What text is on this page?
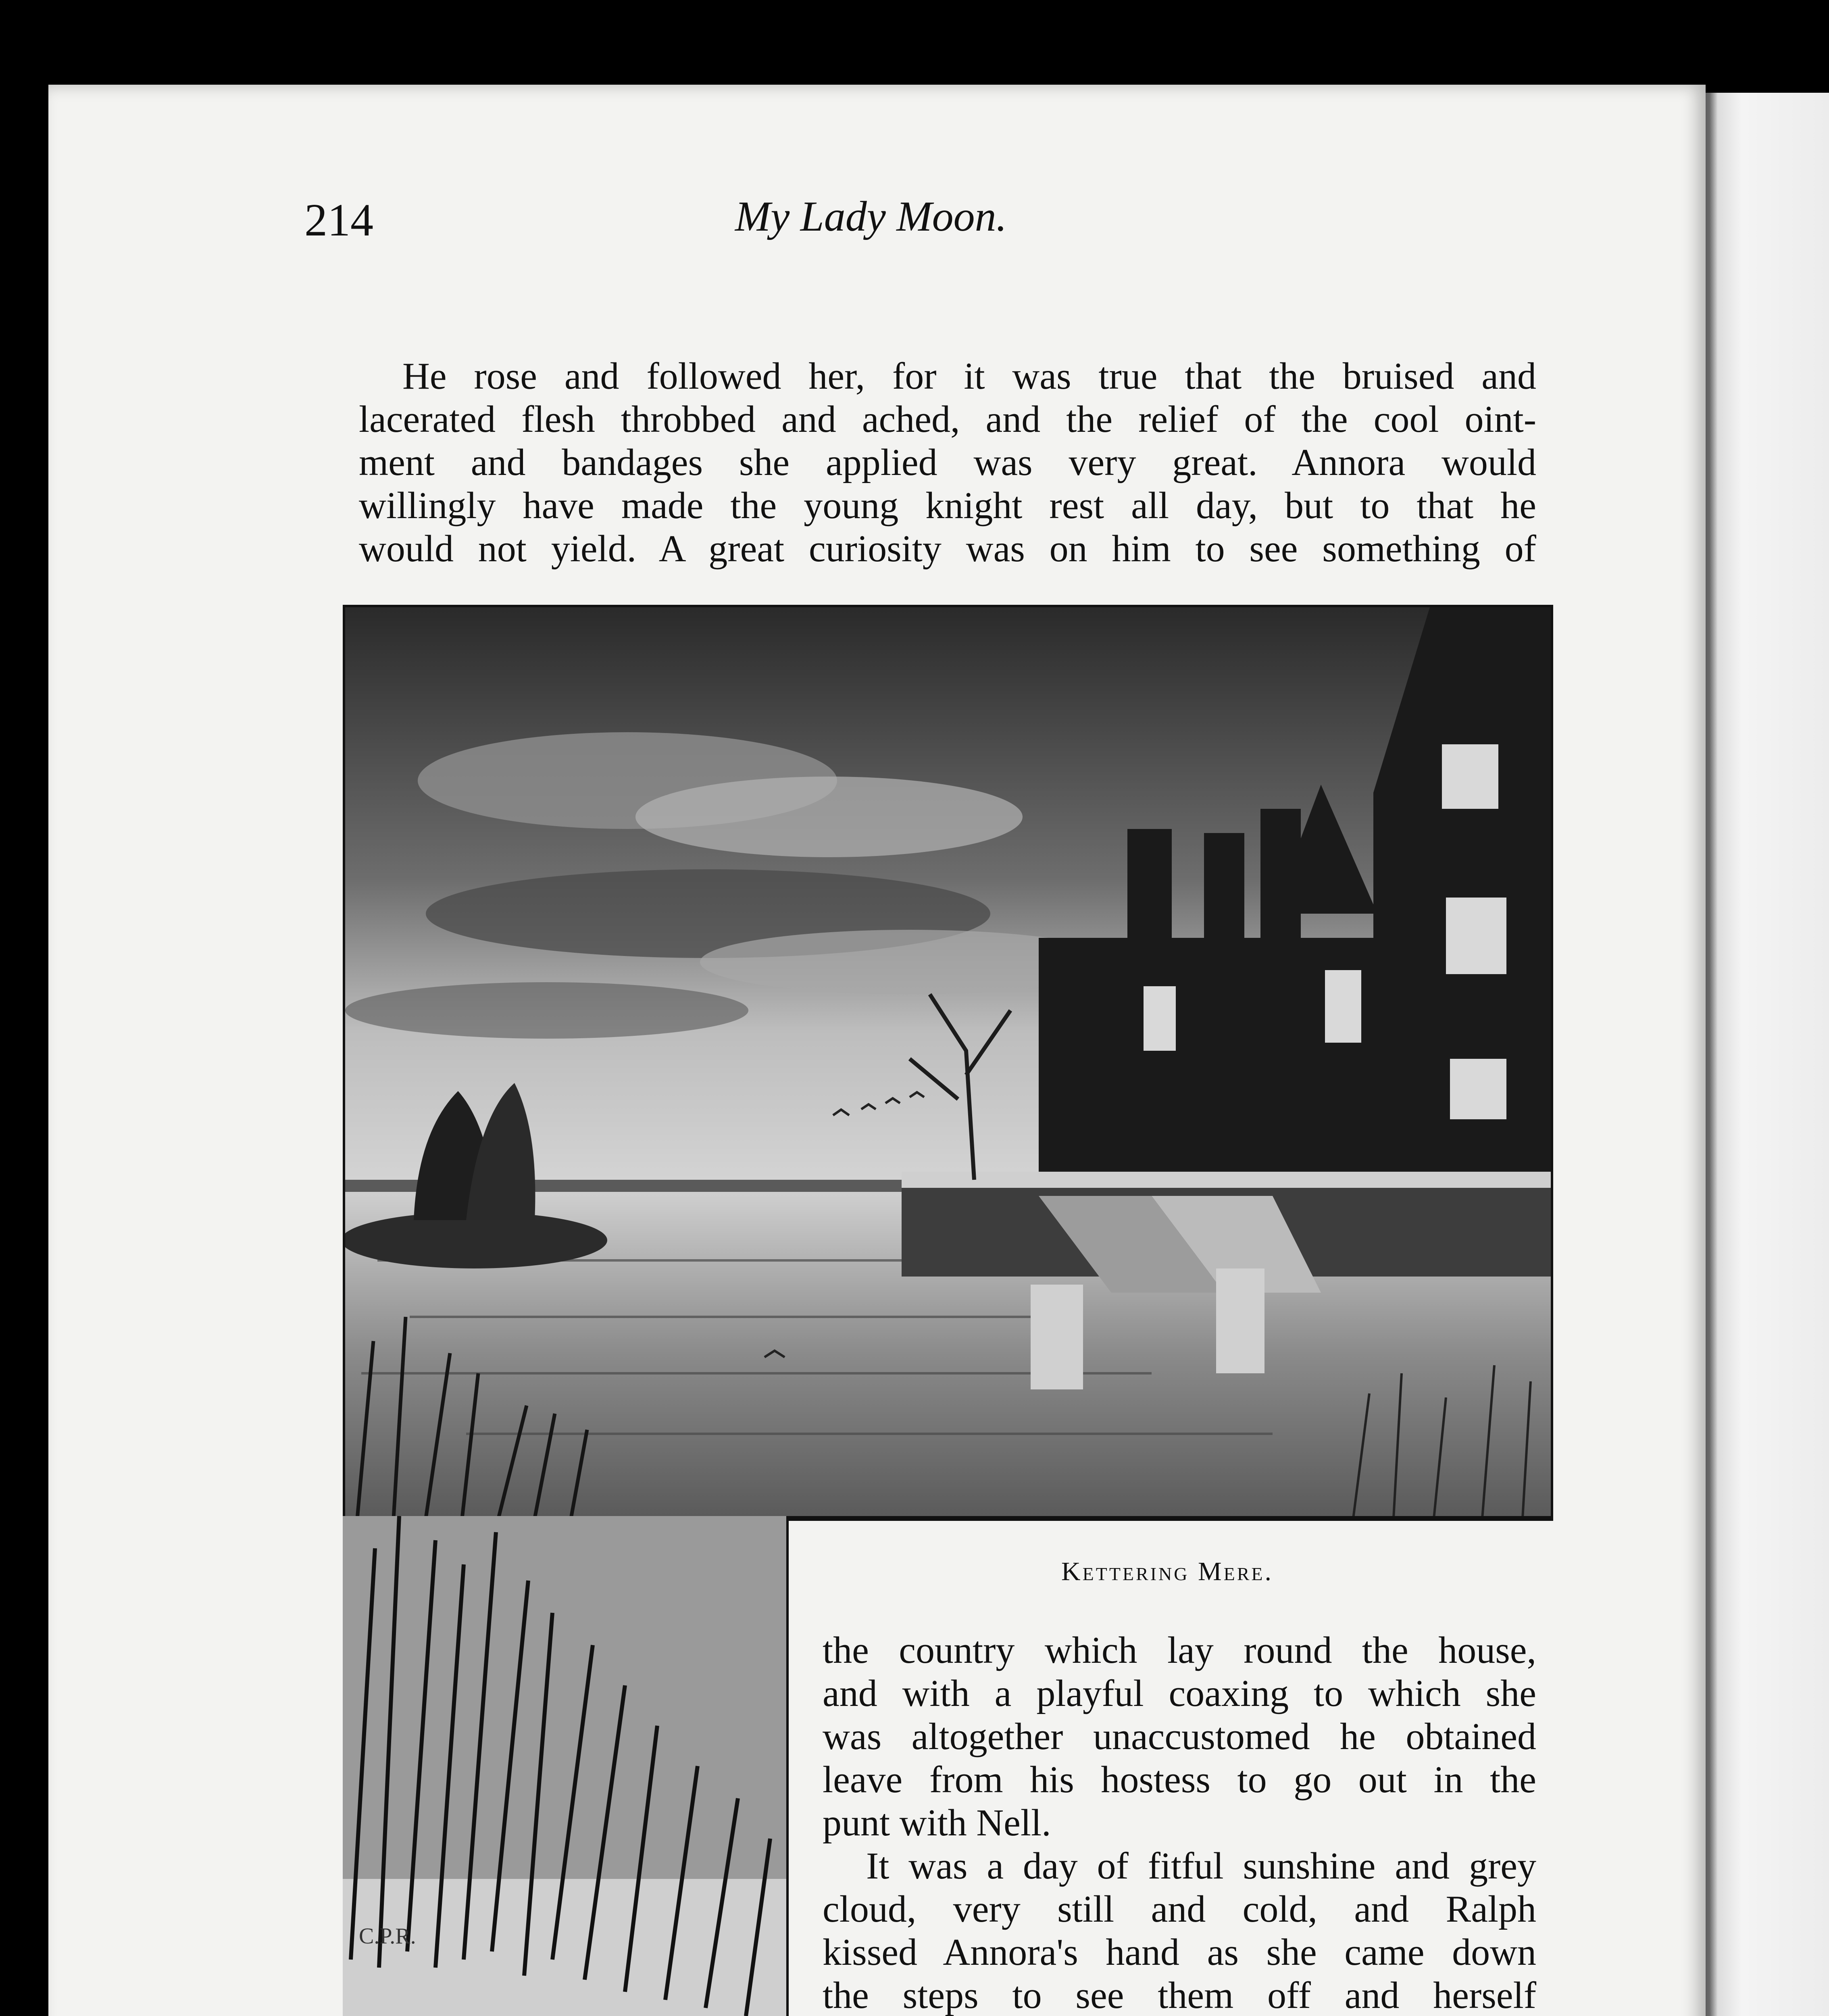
214	My Lady Moon.
He rose and followed her, for it was true that the bruised and
lacerated flesh throbbed and ached, and the relief of the cool oint-
ment and bandages she applied was very great. Annora would
willingly have made the young knight rest all day, but to that he
would not yield. A great curiosity was on him to see something of
C.P.R.
Kettering Mere.
the country which lay round the house,
and with a playful coaxing to which she
was altogether unaccustomed he obtained
leave from his hostess to go out in the
punt with Nell.
It was a day of fitful sunshine and grey
cloud, very still and cold, and Ralph
kissed Annora's hand as she came down
the steps to see them off and herself
